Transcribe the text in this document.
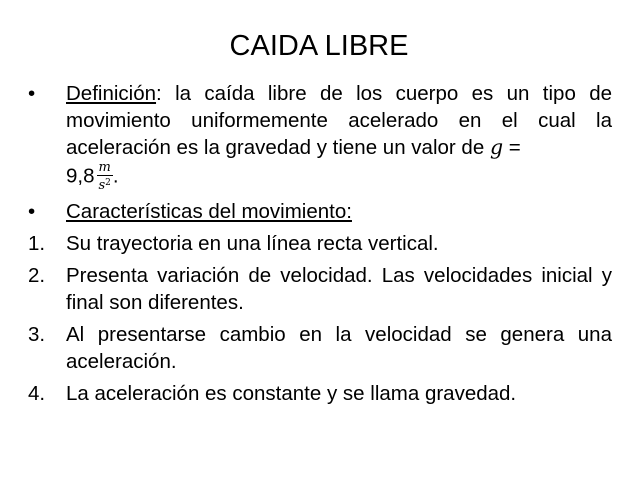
CAIDA LIBRE
• Definición: la caída libre de los cuerpo es un tipo de movimiento uniformemente acelerado en el cual la aceleración es la gravedad y tiene un valor de g =
$9,8 \frac{m}{s^2}$ .
• Características del movimiento:
1. Su trayectoria en una línea recta vertical.
2. Presenta variación de velocidad. Las velocidades inicial y final son diferentes.
3. Al presentarse cambio en la velocidad se genera una aceleración.
4. La aceleración es constante y se llama gravedad.
